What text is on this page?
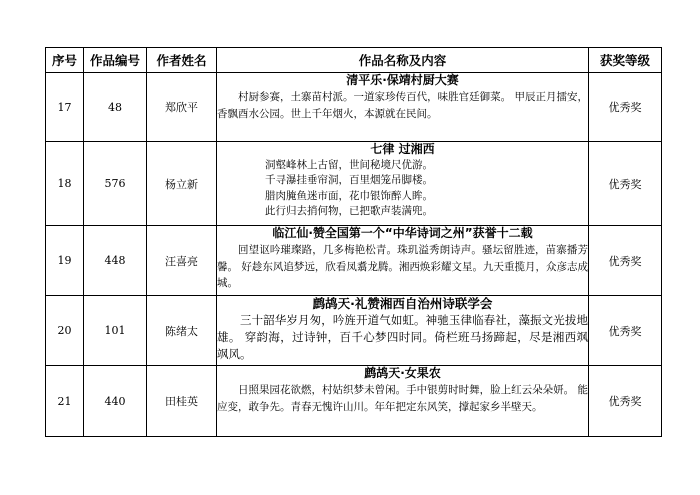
序号	作品编号	作者姓名	作品名称及内容	获奖等级
17	48	郑欣平	清平乐·保靖村厨大赛
村厨参赛，土寨苗村派。一道家珍传百代，味胜官廷御菜。 甲辰正月擂安，香飘酉水公园。世上千年烟火，本源就在民间。	优秀奖
18	576	杨立新	七律 过湘西
洞壑峰林上古留，世间秘境尺优游。
千寻瀑挂垂帘洞，百里烟笼吊脚楼。
腊肉腌鱼迷市面，花巾银饰醉人眸。
此行归去捎何物，已把歌声装满兜。	优秀奖
19	448	汪喜亮	临江仙·赞全国第一个“中华诗词之州”获誉十二载
回望讴吟璀璨路，几多梅艳松青。珠玑溢秀朗诗声。骚坛留胜迹，苗寨播芳馨。 好趁东风追梦远，欣看凤翥龙腾。湘西焕彩耀文星。九天重揽月，众彦志成城。	优秀奖
20	101	陈绪太	鹧鸪天·礼赞湘西自治州诗联学会
三十韶华岁月匆，吟旌开道气如虹。神驰玉律临春社，藻振文光拔地雄。 穿韵海，过诗钟，百千心梦四时同。倚栏班马扬蹄起，尽是湘西飒飒风。	优秀奖
21	440	田桂英	鹧鸪天·女果农
日照果园花欲燃，村姑织梦未曾闲。手中银剪时时舞，脸上红云朵朵妍。 能应变，敢争先。青春无愧许山川。年年把定东风笑，撑起家乡半壁天。	优秀奖
